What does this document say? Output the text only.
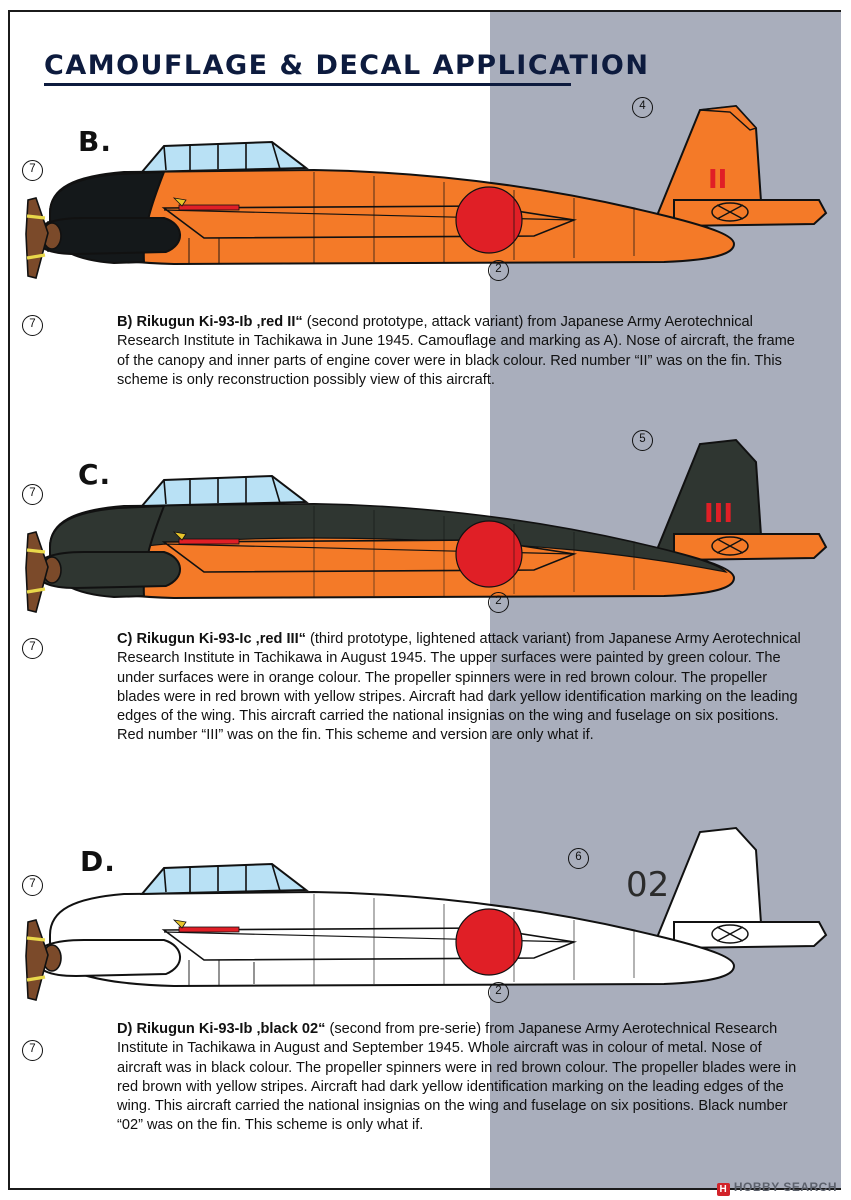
CAMOUFLAGE & DECAL APPLICATION
B.
II
7
7
2
4
B) Rikugun Ki-93-Ib ‚red II“ (second prototype, attack variant) from Japanese Army Aerotechnical Research Institute in Tachikawa in June 1945. Camouflage and marking as A). Nose of aircraft, the frame of the canopy and inner parts of engine cover were in black colour. Red number “II” was on the fin. This scheme is only reconstruction possibly view of this aircraft.
C.
III
7
7
2
5
C) Rikugun Ki-93-Ic ‚red III“ (third prototype, lightened attack variant) from Japanese Army Aerotechnical Research Institute in Tachikawa in August 1945. The upper surfaces were painted by green colour. The under surfaces were in orange colour. The propeller spinners were in red brown colour. The propeller blades were in red brown with yellow stripes. Aircraft had dark yellow identification marking on the leading edges of the wing. This aircraft carried the national insignias on the wing and fuselage on six positions. Red number “III” was on the fin. This scheme and version are only what if.
D.
02
7
7
2
6
D) Rikugun Ki-93-Ib ‚black 02“ (second from pre-serie) from Japanese Army Aerotechnical Research Institute in Tachikawa in August and September 1945. Whole aircraft was in colour of metal. Nose of aircraft was in black colour. The propeller spinners were in red brown colour. The propeller blades were in red brown with yellow stripes. Aircraft had dark yellow identification marking on the leading edges of the wing. This aircraft carried the national insignias on the wing and fuselage on six positions. Black number “02” was on the fin. This scheme is only what if.
H HOBBY SEARCH
